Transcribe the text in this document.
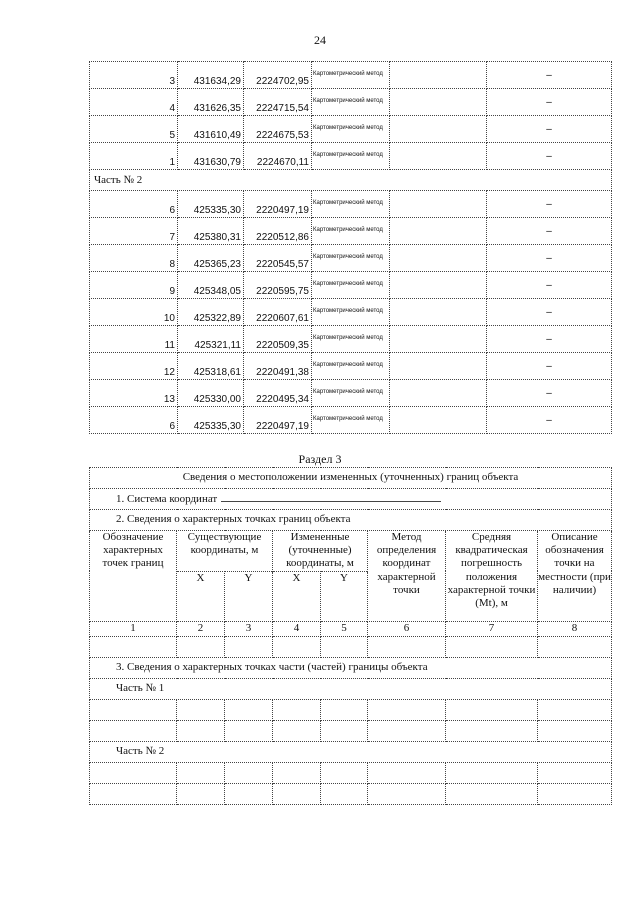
24
3	431634,29	2224702,95	Картометрический метод		–
4	431626,35	2224715,54	Картометрический метод		–
5	431610,49	2224675,53	Картометрический метод		–
1	431630,79	2224670,11	Картометрический метод		–
Часть № 2					
6	425335,30	2220497,19	Картометрический метод		–
7	425380,31	2220512,86	Картометрический метод		–
8	425365,23	2220545,57	Картометрический метод		–
9	425348,05	2220595,75	Картометрический метод		–
10	425322,89	2220607,61	Картометрический метод		–
11	425321,11	2220509,35	Картометрический метод		–
12	425318,61	2220491,38	Картометрический метод		–
13	425330,00	2220495,34	Картометрический метод		–
6	425335,30	2220497,19	Картометрический метод		–
Раздел 3
Сведения о местоположении измененных (уточненных) границ объекта							
1. Система координат							
2. Сведения о характерных точках границ объекта							
Обозначение характерных точек границ	Существующие координаты, м		Измененные (уточненные) координаты, м		Метод определения координат характерной точки	Средняя квадратическая погрешность положения характерной точки (Mt), м	Описание обозначения точки на местности (при наличии)
	X	Y	X	Y			
1	2	3	4	5	6	7	8

3. Сведения о характерных точках части (частей) границы объекта							
Часть № 1							

Часть № 2							
